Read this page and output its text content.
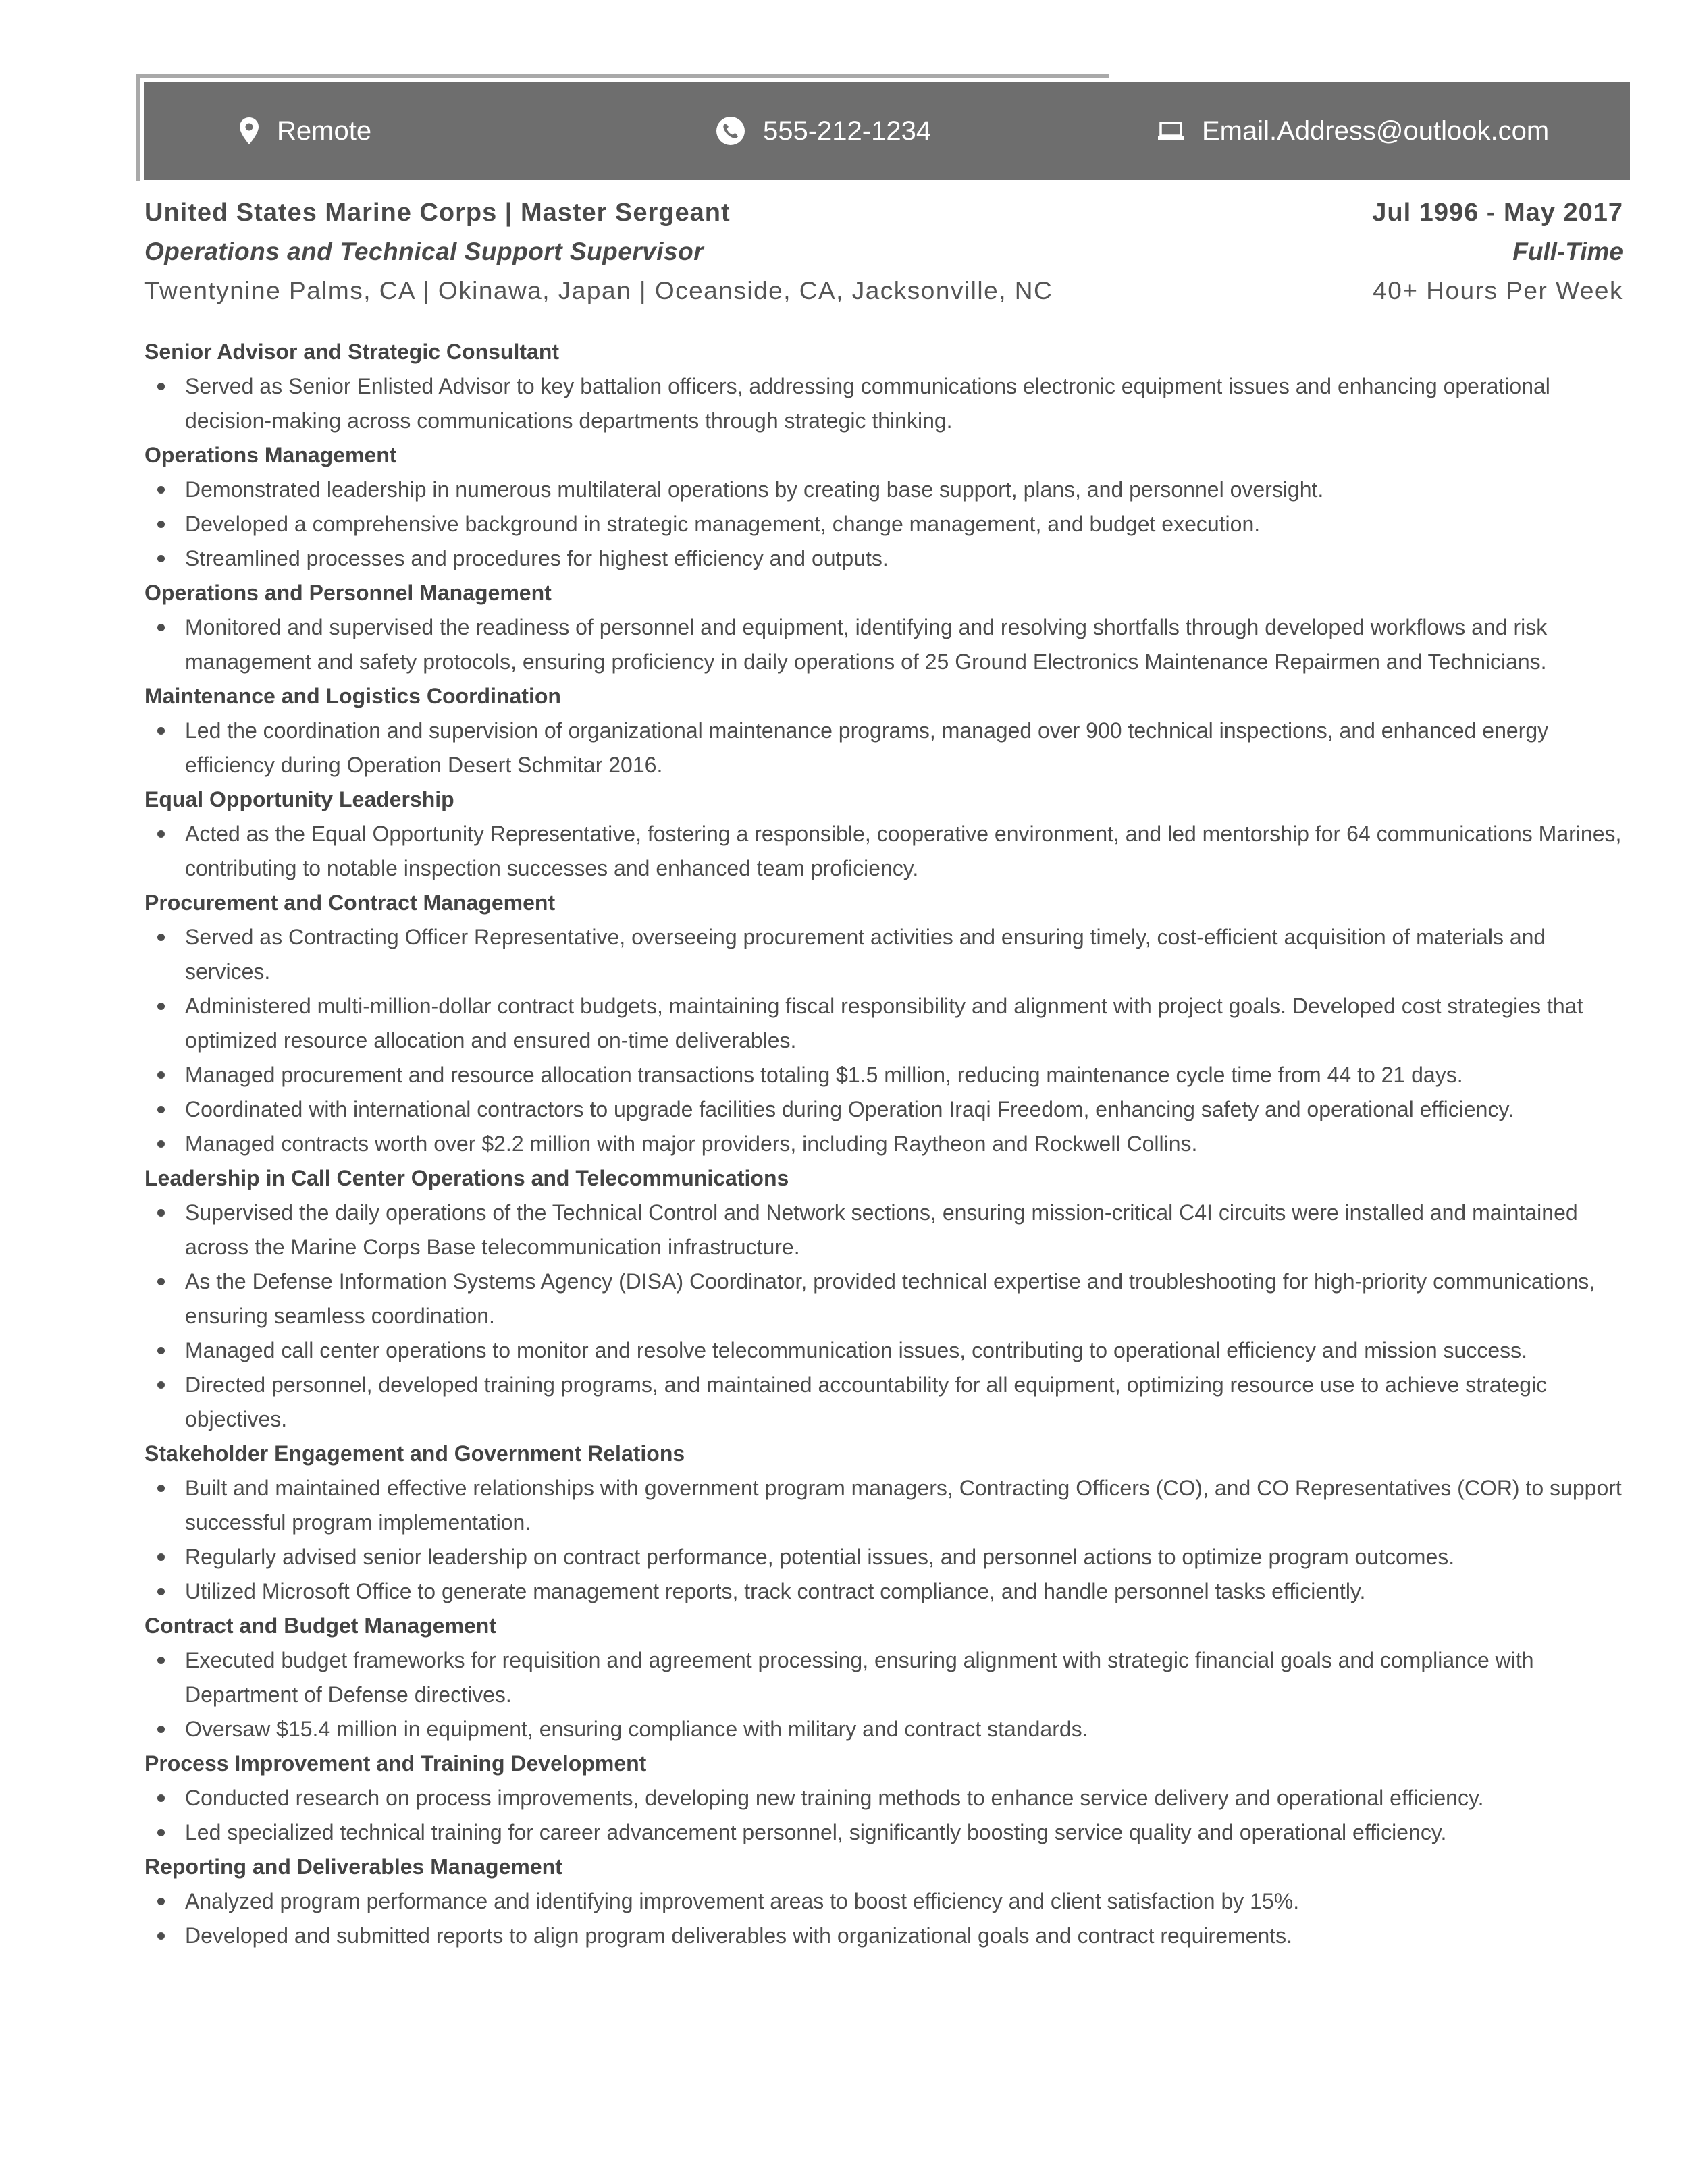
Remote	555-212-1234	Email.Address@outlook.com
United States Marine Corps | Master Sergeant	Jul 1996 - May 2017
Operations and Technical Support Supervisor	Full-Time
Twentynine Palms, CA | Okinawa, Japan | Oceanside, CA, Jacksonville, NC	40+ Hours Per Week
Senior Advisor and Strategic Consultant
Served as Senior Enlisted Advisor to key battalion officers, addressing communications electronic equipment issues and enhancing operational decision-making across communications departments through strategic thinking.
Operations Management
Demonstrated leadership in numerous multilateral operations by creating base support, plans, and personnel oversight.
Developed a comprehensive background in strategic management, change management, and budget execution.
Streamlined processes and procedures for highest efficiency and outputs.
Operations and Personnel Management
Monitored and supervised the readiness of personnel and equipment, identifying and resolving shortfalls through developed workflows and risk management and safety protocols, ensuring proficiency in daily operations of 25 Ground Electronics Maintenance Repairmen and Technicians.
Maintenance and Logistics Coordination
Led the coordination and supervision of organizational maintenance programs, managed over 900 technical inspections, and enhanced energy efficiency during Operation Desert Schmitar 2016.
Equal Opportunity Leadership
Acted as the Equal Opportunity Representative, fostering a responsible, cooperative environment, and led mentorship for 64 communications Marines, contributing to notable inspection successes and enhanced team proficiency.
Procurement and Contract Management
Served as Contracting Officer Representative, overseeing procurement activities and ensuring timely, cost-efficient acquisition of materials and services.
Administered multi-million-dollar contract budgets, maintaining fiscal responsibility and alignment with project goals. Developed cost strategies that optimized resource allocation and ensured on-time deliverables.
Managed procurement and resource allocation transactions totaling $1.5 million, reducing maintenance cycle time from 44 to 21 days.
Coordinated with international contractors to upgrade facilities during Operation Iraqi Freedom, enhancing safety and operational efficiency.
Managed contracts worth over $2.2 million with major providers, including Raytheon and Rockwell Collins.
Leadership in Call Center Operations and Telecommunications
Supervised the daily operations of the Technical Control and Network sections, ensuring mission-critical C4I circuits were installed and maintained across the Marine Corps Base telecommunication infrastructure.
As the Defense Information Systems Agency (DISA) Coordinator, provided technical expertise and troubleshooting for high-priority communications, ensuring seamless coordination.
Managed call center operations to monitor and resolve telecommunication issues, contributing to operational efficiency and mission success.
Directed personnel, developed training programs, and maintained accountability for all equipment, optimizing resource use to achieve strategic objectives.
Stakeholder Engagement and Government Relations
Built and maintained effective relationships with government program managers, Contracting Officers (CO), and CO Representatives (COR) to support successful program implementation.
Regularly advised senior leadership on contract performance, potential issues, and personnel actions to optimize program outcomes.
Utilized Microsoft Office to generate management reports, track contract compliance, and handle personnel tasks efficiently.
Contract and Budget Management
Executed budget frameworks for requisition and agreement processing, ensuring alignment with strategic financial goals and compliance with Department of Defense directives.
Oversaw $15.4 million in equipment, ensuring compliance with military and contract standards.
Process Improvement and Training Development
Conducted research on process improvements, developing new training methods to enhance service delivery and operational efficiency.
Led specialized technical training for career advancement personnel, significantly boosting service quality and operational efficiency.
Reporting and Deliverables Management
Analyzed program performance and identifying improvement areas to boost efficiency and client satisfaction by 15%.
Developed and submitted reports to align program deliverables with organizational goals and contract requirements.
